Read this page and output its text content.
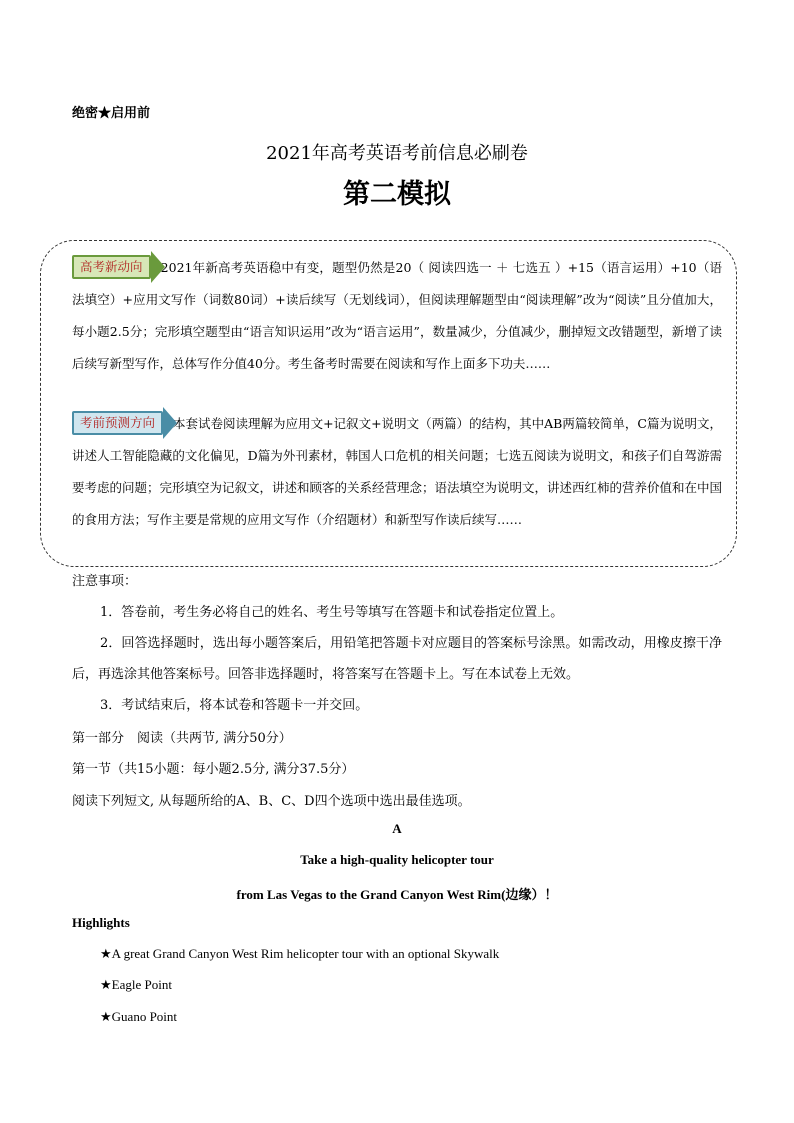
绝密★启用前
2021年高考英语考前信息必刷卷
第二模拟
高考新动向 2021年新高考英语稳中有变，题型仍然是20（ 阅读四选一 ＋ 七选五 ）+15（语言运用）+10（语法填空）+应用文写作（词数80词）+读后续写（无划线词），但阅读理解题型由“阅读理解”改为“阅读”且分值加大，每小题2.5分；完形填空题型由“语言知识运用”改为“语言运用”，数量减少，分值减少，删掉短文改错题型，新增了读后续写新型写作，总体写作分值40分。考生备考时需要在阅读和写作上面多下功夫……
考前预测方向 本套试卷阅读理解为应用文+记叙文+说明文（两篇）的结构，其中AB两篇较简单，C篇为说明文，讲述人工智能隐藏的文化偏见，D篇为外刊素材，韩国人口危机的相关问题；七选五阅读为说明文，和孩子们自驾游需要考虑的问题；完形填空为记叙文，讲述和顾客的关系经营理念；语法填空为说明文，讲述西红柿的营养价值和在中国的食用方法；写作主要是常规的应用文写作（介绍题材）和新型写作读后续写……
注意事项：
1．答卷前，考生务必将自己的姓名、考生号等填写在答题卡和试卷指定位置上。
2．回答选择题时，选出每小题答案后，用铅笔把答题卡对应题目的答案标号涂黑。如需改动，用橡皮擦干净后，再选涂其他答案标号。回答非选择题时，将答案写在答题卡上。写在本试卷上无效。
3．考试结束后，将本试卷和答题卡一并交回。
第一部分　阅读（共两节, 满分50分）
第一节（共15小题：每小题2.5分, 满分37.5分）
阅读下列短文, 从每题所给的A、B、C、D四个选项中选出最佳选项。
A
Take a high-quality helicopter tour
from Las Vegas to the Grand Canyon West Rim(边缘）！
Highlights
★A great Grand Canyon West Rim helicopter tour with an optional Skywalk
★Eagle Point
★Guano Point
